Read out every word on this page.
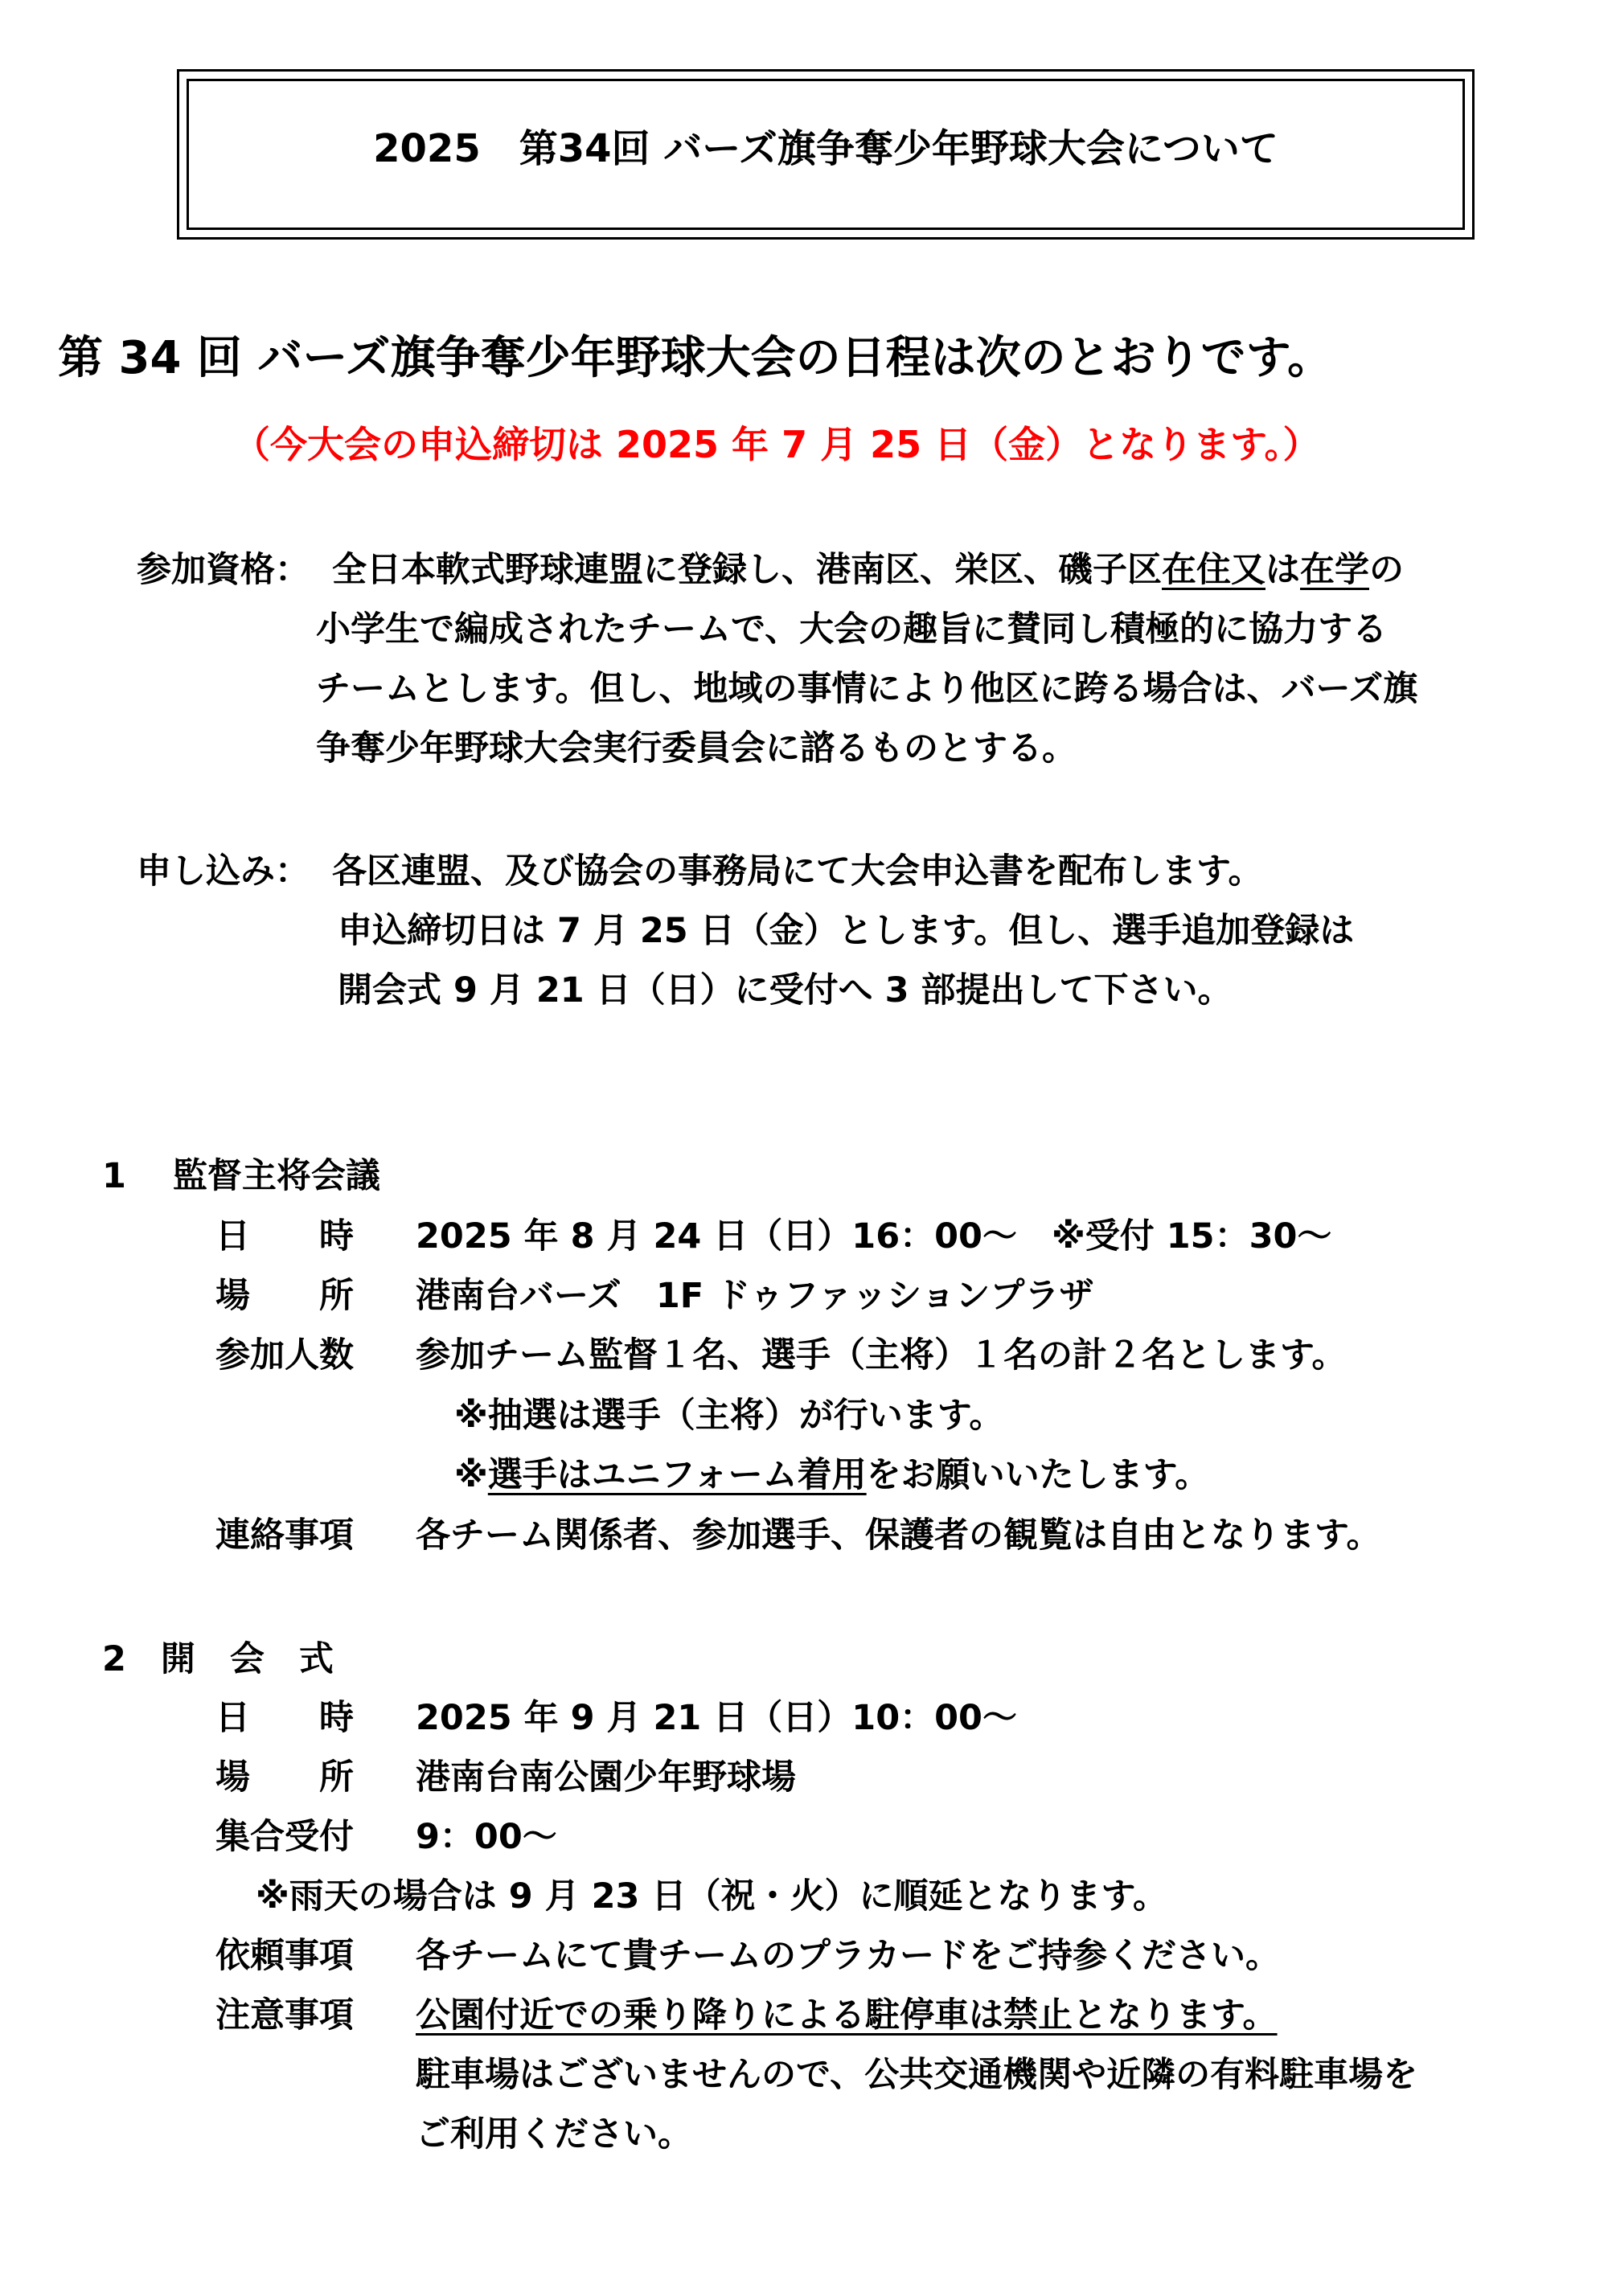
2025　第34回 バーズ旗争奪少年野球大会について
第 34 回 バーズ旗争奪少年野球大会の日程は次のとおりです。
（今大会の申込締切は 2025 年 7 月 25 日（金）となります。）
参加資格： 全日本軟式野球連盟に登録し、港南区、栄区、磯子区在住又は在学の
小学生で編成されたチームで、大会の趣旨に賛同し積極的に協力する
チームとします。但し、地域の事情により他区に跨る場合は、バーズ旗
争奪少年野球大会実行委員会に諮るものとする。
申し込み： 各区連盟、及び協会の事務局にて大会申込書を配布します。
申込締切日は 7 月 25 日（金）とします。但し、選手追加登録は
開会式 9 月 21 日（日）に受付へ 3 部提出して下さい。
1　 監督主将会議
日　　時 2025 年 8 月 24 日（日）16：00～　※受付 15：30～
場　　所 港南台バーズ　1F ドゥファッションプラザ
参加人数 参加チーム監督１名、選手（主将）１名の計２名とします。
※抽選は選手（主将）が行います。
※選手はユニフォーム着用をお願いいたします。
連絡事項 各チーム関係者、参加選手、保護者の観覧は自由となります。
2　開　会　式
日　　時 2025 年 9 月 21 日（日）10：00～
場　　所 港南台南公園少年野球場
集合受付 9：00～
※雨天の場合は 9 月 23 日（祝・火）に順延となります。
依頼事項 各チームにて貴チームのプラカードをご持参ください。
注意事項 公園付近での乗り降りによる駐停車は禁止となります。
駐車場はございませんので、公共交通機関や近隣の有料駐車場を
ご利用ください。
